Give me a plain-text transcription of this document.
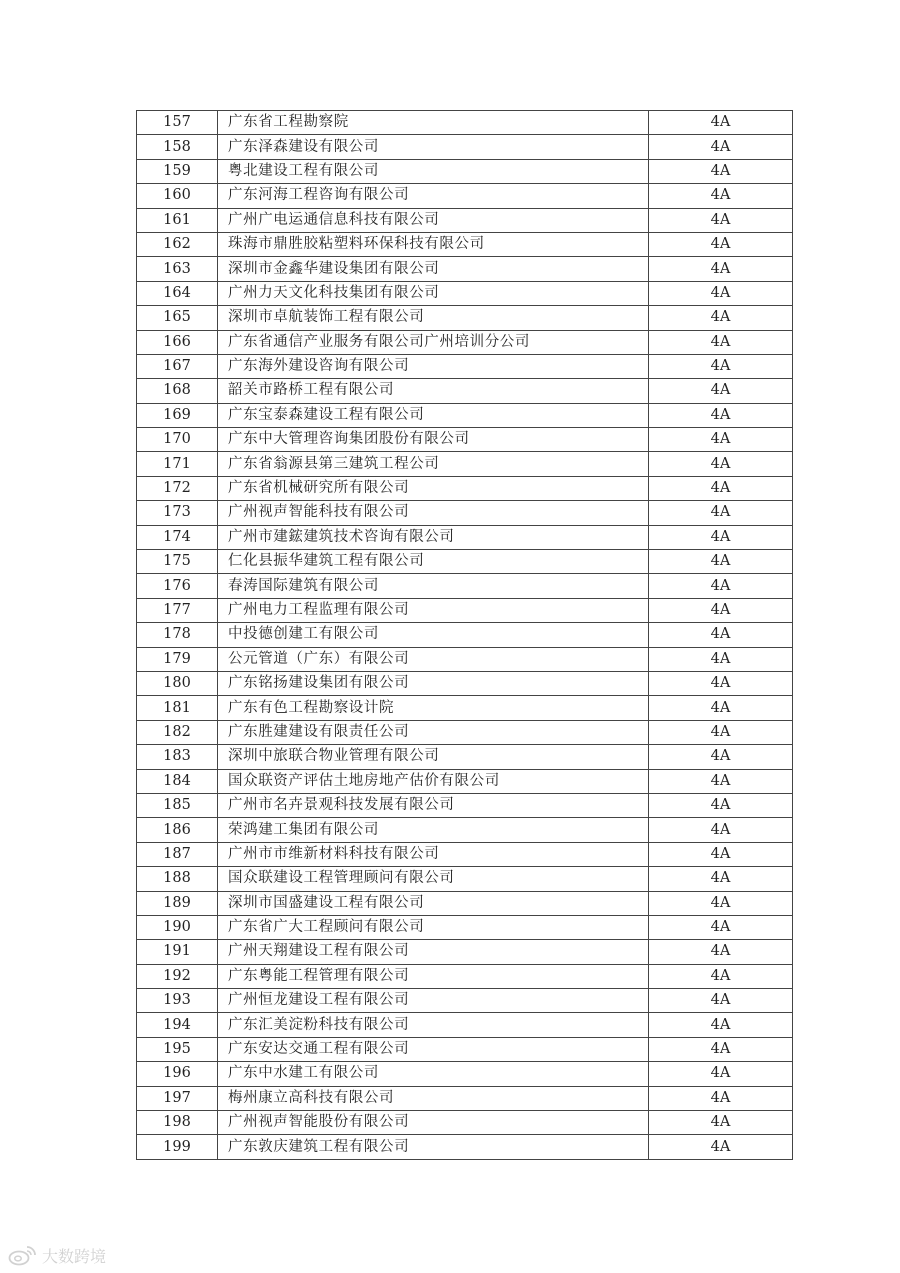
157	广东省工程勘察院	4A
158	广东泽森建设有限公司	4A
159	粤北建设工程有限公司	4A
160	广东河海工程咨询有限公司	4A
161	广州广电运通信息科技有限公司	4A
162	珠海市鼎胜胶粘塑料环保科技有限公司	4A
163	深圳市金鑫华建设集团有限公司	4A
164	广州力天文化科技集团有限公司	4A
165	深圳市卓航装饰工程有限公司	4A
166	广东省通信产业服务有限公司广州培训分公司	4A
167	广东海外建设咨询有限公司	4A
168	韶关市路桥工程有限公司	4A
169	广东宝泰森建设工程有限公司	4A
170	广东中大管理咨询集团股份有限公司	4A
171	广东省翁源县第三建筑工程公司	4A
172	广东省机械研究所有限公司	4A
173	广州视声智能科技有限公司	4A
174	广州市建鋐建筑技术咨询有限公司	4A
175	仁化县振华建筑工程有限公司	4A
176	春涛国际建筑有限公司	4A
177	广州电力工程监理有限公司	4A
178	中投德创建工有限公司	4A
179	公元管道（广东）有限公司	4A
180	广东铭扬建设集团有限公司	4A
181	广东有色工程勘察设计院	4A
182	广东胜建建设有限责任公司	4A
183	深圳中旅联合物业管理有限公司	4A
184	国众联资产评估土地房地产估价有限公司	4A
185	广州市名卉景观科技发展有限公司	4A
186	荣鸿建工集团有限公司	4A
187	广州市市维新材料科技有限公司	4A
188	国众联建设工程管理顾问有限公司	4A
189	深圳市国盛建设工程有限公司	4A
190	广东省广大工程顾问有限公司	4A
191	广州天翔建设工程有限公司	4A
192	广东粤能工程管理有限公司	4A
193	广州恒龙建设工程有限公司	4A
194	广东汇美淀粉科技有限公司	4A
195	广东安达交通工程有限公司	4A
196	广东中水建工有限公司	4A
197	梅州康立高科技有限公司	4A
198	广州视声智能股份有限公司	4A
199	广东敦庆建筑工程有限公司	4A
大数跨境
